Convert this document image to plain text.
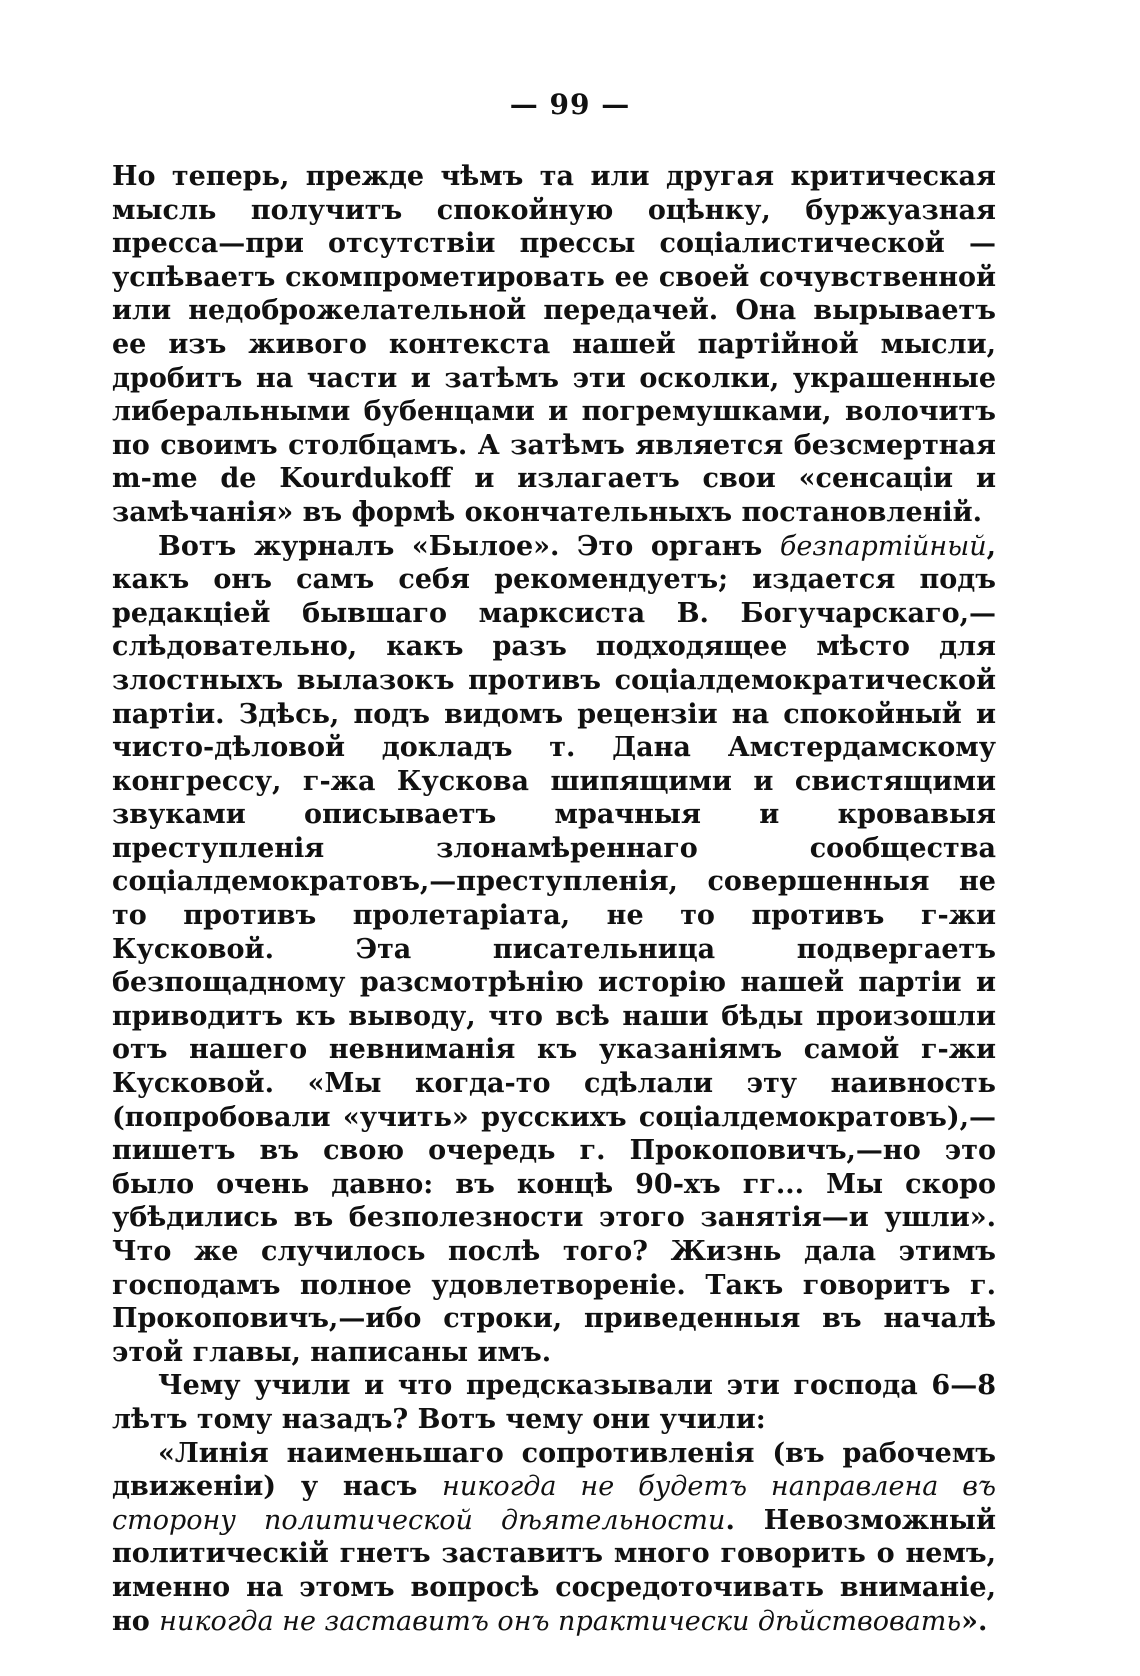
— 99 —

Но теперь, прежде чѣмъ та или другая критическая мысль получитъ спокойную оцѣнку, буржуазная пресса—при отсутствіи прессы соціалистической — успѣваетъ скомпрометировать ее своей сочувственной или недоброжелательной передачей. Она вырываетъ ее изъ живого контекста нашей партійной мысли, дробитъ на части и затѣмъ эти осколки, украшенные либеральными бубенцами и погремушками, волочитъ по своимъ столбцамъ. А затѣмъ является безсмертная m-me de Kourdukoff и излагаетъ свои «сенсаціи и замѣчанія» въ формѣ окончательныхъ постановленій.

Вотъ журналъ «Былое». Это органъ безпартійный, какъ онъ самъ себя рекомендуетъ; издается подъ редакціей бывшаго марксиста В. Богучарскаго,—слѣдовательно, какъ разъ подходящее мѣсто для злостныхъ вылазокъ противъ соціалдемократической партіи. Здѣсь, подъ видомъ рецензіи на спокойный и чисто-дѣловой докладъ т. Дана Амстердамскому конгрессу, г-жа Кускова шипящими и свистящими звуками описываетъ мрачныя и кровавыя преступленія злонамѣреннаго сообщества соціалдемократовъ,—преступленія, совершенныя не то противъ пролетаріата, не то противъ г-жи Кусковой. Эта писательница подвергаетъ безпощадному разсмотрѣнію исторію нашей партіи и приводитъ къ выводу, что всѣ наши бѣды произошли отъ нашего невниманія къ указаніямъ самой г-жи Кусковой. «Мы когда-то сдѣлали эту наивность (попробовали «учить» русскихъ соціалдемократовъ),—пишетъ въ свою очередь г. Прокоповичъ,—но это было очень давно: въ концѣ 90-хъ гг... Мы скоро убѣдились въ безполезности этого занятія—и ушли». Что же случилось послѣ того? Жизнь дала этимъ господамъ полное удовлетвореніе. Такъ говоритъ г. Прокоповичъ,—ибо строки, приведенныя въ началѣ этой главы, написаны имъ.

Чему учили и что предсказывали эти господа 6—8 лѣтъ тому назадъ? Вотъ чему они учили:

«Линія наименьшаго сопротивленія (въ рабочемъ движеніи) у насъ никогда не будетъ направлена въ сторону политической дѣятельности. Невозможный политическій гнетъ заставитъ много говорить о немъ, именно на этомъ вопросѣ сосредоточивать вниманіе, но никогда не заставитъ онъ практически дѣйствовать».
